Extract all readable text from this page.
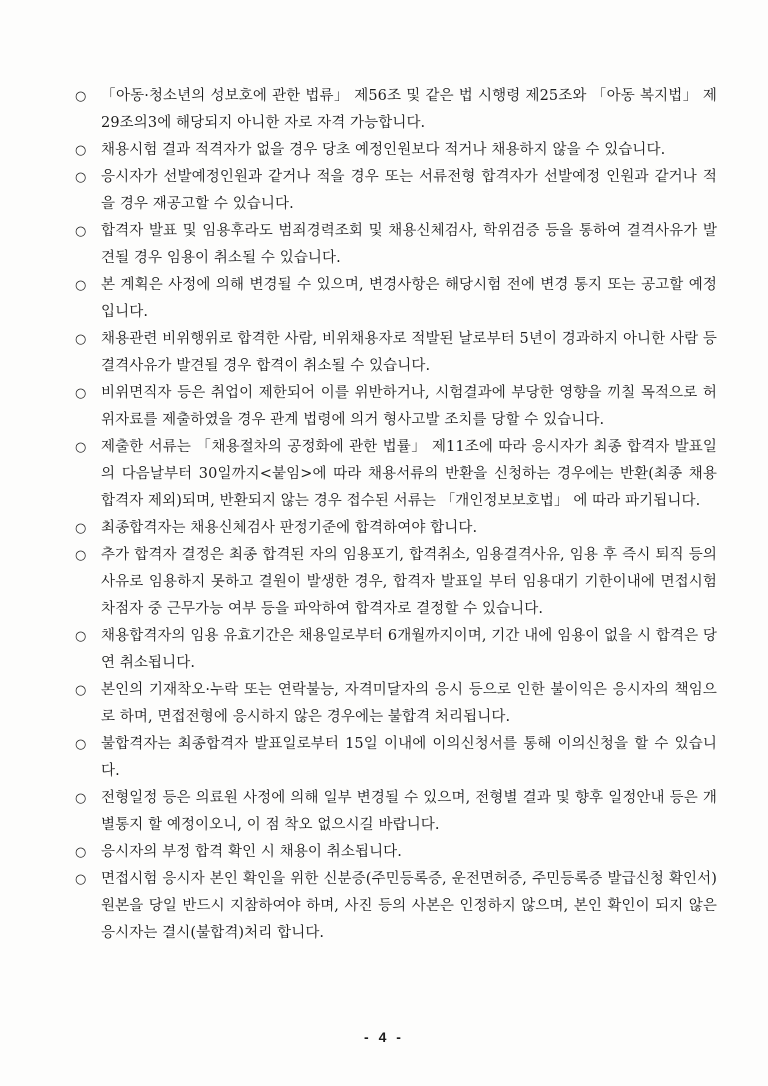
○ 「아동·청소년의 성보호에 관한 법류」 제56조 및 같은 법 시행령 제25조와 「아동 복지법」 제29조의3에 해당되지 아니한 자로 자격 가능합니다.
○ 채용시험 결과 적격자가 없을 경우 당초 예정인원보다 적거나 채용하지 않을 수 있습니다.
○ 응시자가 선발예정인원과 같거나 적을 경우 또는 서류전형 합격자가 선발예정 인원과 같거나 적을 경우 재공고할 수 있습니다.
○ 합격자 발표 및 임용후라도 범죄경력조회 및 채용신체검사, 학위검증 등을 통하여 결격사유가 발견될 경우 임용이 취소될 수 있습니다.
○ 본 계획은 사정에 의해 변경될 수 있으며, 변경사항은 해당시험 전에 변경 통지 또는 공고할 예정입니다.
○ 채용관련 비위행위로 합격한 사람, 비위채용자로 적발된 날로부터 5년이 경과하지 아니한 사람 등 결격사유가 발견될 경우 합격이 취소될 수 있습니다.
○ 비위면직자 등은 취업이 제한되어 이를 위반하거나, 시험결과에 부당한 영향을 끼칠 목적으로 허위자료를 제출하였을 경우 관계 법령에 의거 형사고발 조치를 당할 수 있습니다.
○ 제출한 서류는 「채용절차의 공정화에 관한 법률」 제11조에 따라 응시자가 최종 합격자 발표일의 다음날부터 30일까지<붙임>에 따라 채용서류의 반환을 신청하는 경우에는 반환(최종 채용 합격자 제외)되며, 반환되지 않는 경우 접수된 서류는 「개인정보보호법」 에 따라 파기됩니다.
○ 최종합격자는 채용신체검사 판정기준에 합격하여야 합니다.
○ 추가 합격자 결정은 최종 합격된 자의 임용포기, 합격취소, 임용결격사유, 임용 후 즉시 퇴직 등의 사유로 임용하지 못하고 결원이 발생한 경우, 합격자 발표일 부터 임용대기 기한이내에 면접시험 차점자 중 근무가능 여부 등을 파악하여 합격자로 결정할 수 있습니다.
○ 채용합격자의 임용 유효기간은 채용일로부터 6개월까지이며, 기간 내에 임용이 없을 시 합격은 당연 취소됩니다.
○ 본인의 기재착오·누락 또는 연락불능, 자격미달자의 응시 등으로 인한 불이익은 응시자의 책임으로 하며, 면접전형에 응시하지 않은 경우에는 불합격 처리됩니다.
○ 불합격자는 최종합격자 발표일로부터 15일 이내에 이의신청서를 통해 이의신청을 할 수 있습니다.
○ 전형일정 등은 의료원 사정에 의해 일부 변경될 수 있으며, 전형별 결과 및 향후 일정안내 등은 개별통지 할 예정이오니, 이 점 착오 없으시길 바랍니다.
○ 응시자의 부정 합격 확인 시 채용이 취소됩니다.
○ 면접시험 응시자 본인 확인을 위한 신분증(주민등록증, 운전면허증, 주민등록증 발급신청 확인서) 원본을 당일 반드시 지참하여야 하며, 사진 등의 사본은 인정하지 않으며, 본인 확인이 되지 않은 응시자는 결시(불합격)처리 합니다.
- 4 -
